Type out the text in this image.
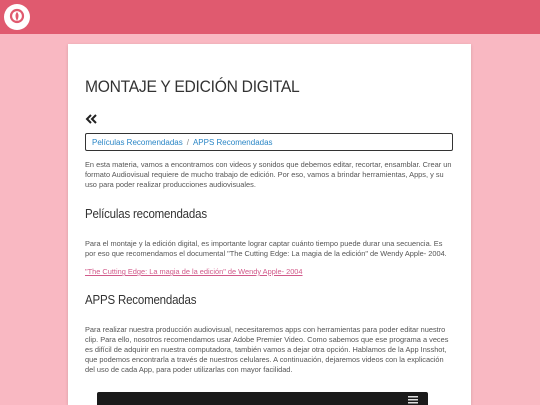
MONTAJE Y EDICIÓN DIGITAL
Películas Recomendadas / APPS Recomendadas

En esta materia, vamos a encontramos con videos y sonidos que debemos editar, recortar, ensamblar. Crear un formato Audiovisual requiere de mucho trabajo de edición. Por eso, vamos a brindar herramientas, Apps, y su uso para poder realizar producciones audiovisuales.

Películas recomendadas

Para el montaje y la edición digital, es importante lograr captar cuánto tiempo puede durar una secuencia. Es por eso que recomendamos el documental "The Cutting Edge: La magia de la edición" de Wendy Apple- 2004.

"The Cutting Edge: La magia de la edición" de Wendy Apple- 2004
APPS Recomendadas

Para realizar nuestra producción audiovisual, necesitaremos apps con herramientas para poder editar nuestro clip. Para ello, nosotros recomendamos usar Adobe Premier Video. Como sabemos que ese programa a veces es difícil de adquirir en nuestra computadora, también vamos a dejar otra opción. Hablamos de la App Insshot, que podemos encontrarla a través de nuestros celulares. A continuación, dejaremos videos con la explicación del uso de cada App, para poder utilizarlas con mayor facilidad.
